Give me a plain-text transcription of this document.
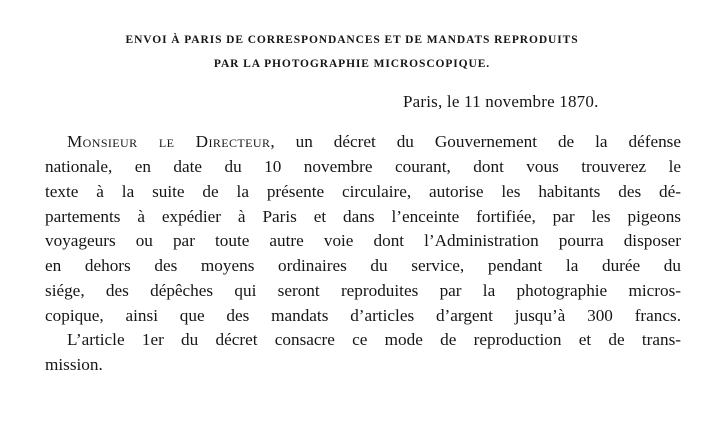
ENVOI À PARIS DE CORRESPONDANCES ET DE MANDATS REPRODUITS
PAR LA PHOTOGRAPHIE MICROSCOPIQUE.
Paris, le 11 novembre 1870.
Monsieur le Directeur, un décret du Gouvernement de la défense
nationale, en date du 10 novembre courant, dont vous trouverez le
texte à la suite de la présente circulaire, autorise les habitants des dé-
partements à expédier à Paris et dans l’enceinte fortifiée, par les pigeons
voyageurs ou par toute autre voie dont l’Administration pourra disposer
en dehors des moyens ordinaires du service, pendant la durée du
siége, des dépêches qui seront reproduites par la photographie micros-
copique, ainsi que des mandats d’articles d’argent jusqu’à 300 francs.
L’article 1er du décret consacre ce mode de reproduction et de trans-
mission.
